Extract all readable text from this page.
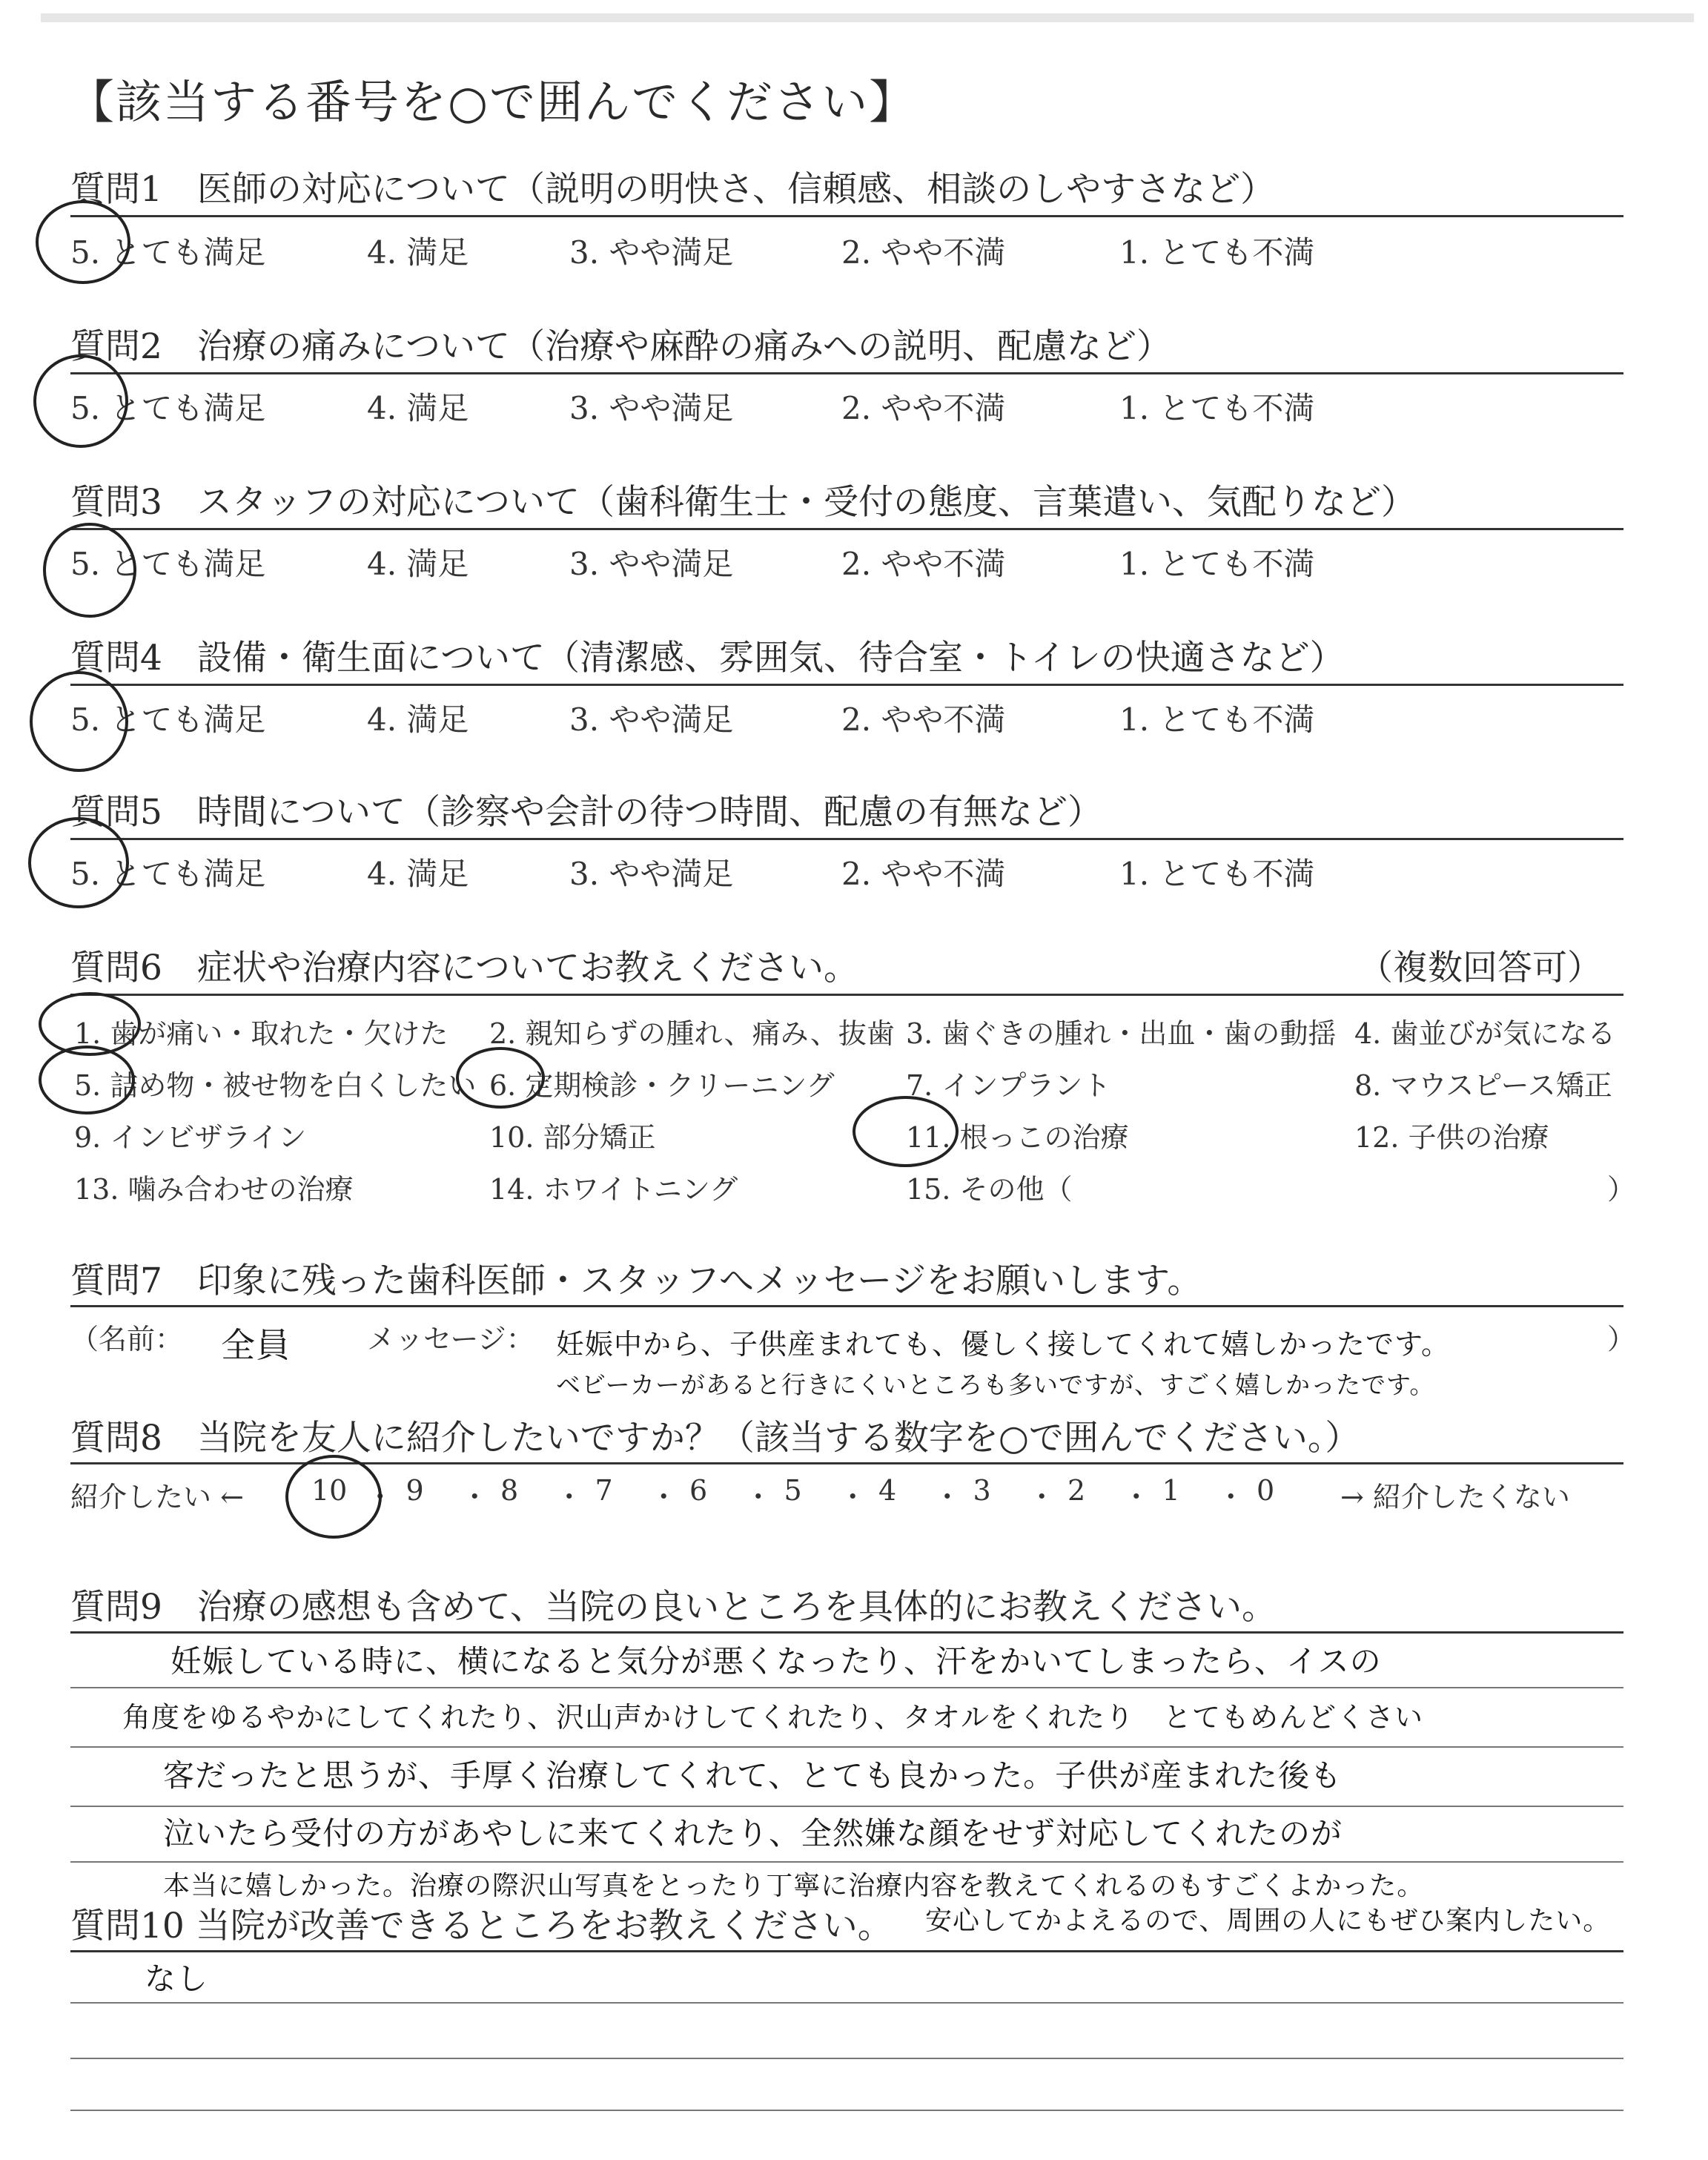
【該当する番号を○で囲んでください】
質問1　医師の対応について（説明の明快さ、信頼感、相談のしやすさなど）
5. とても満足	4. 満足	3. やや満足	2. やや不満	1. とても不満
質問2　治療の痛みについて（治療や麻酔の痛みへの説明、配慮など）
5. とても満足	4. 満足	3. やや満足	2. やや不満	1. とても不満
質問3　スタッフの対応について（歯科衛生士・受付の態度、言葉遣い、気配りなど）
5. とても満足	4. 満足	3. やや満足	2. やや不満	1. とても不満
質問4　設備・衛生面について（清潔感、雰囲気、待合室・トイレの快適さなど）
5. とても満足	4. 満足	3. やや満足	2. やや不満	1. とても不満
質問5　時間について（診察や会計の待つ時間、配慮の有無など）
5. とても満足	4. 満足	3. やや満足	2. やや不満	1. とても不満
質問6　症状や治療内容についてお教えください。	（複数回答可）
1. 歯が痛い・取れた・欠けた 2. 親知らずの腫れ、痛み、抜歯 3. 歯ぐきの腫れ・出血・歯の動揺 4. 歯並びが気になる
5. 詰め物・被せ物を白くしたい 6. 定期検診・クリーニング	7. インプラント	8. マウスピース矯正
9. インビザライン	10. 部分矯正	11. 根っこの治療	12. 子供の治療
13. 噛み合わせの治療	14. ホワイトニング	15. その他（	）
質問7　印象に残った歯科医師・スタッフへメッセージをお願いします。
（名前： 全員	メッセージ： 妊娠中から、子供産まれても、優しく接してくれて嬉しかったです。
ベビーカーがあると行きにくいところも多いですが、すごく嬉しかったです。
）
質問8　当院を友人に紹介したいですか？（該当する数字を○で囲んでください。）
紹介したい ←	→ 紹介したくない
10 ・ 9 ・ 8 ・ 7 ・ 6 ・ 5 ・ 4 ・ 3 ・ 2 ・ 1 ・ 0
質問9　治療の感想も含めて、当院の良いところを具体的にお教えください。
妊娠している時に、横になると気分が悪くなったり、汗をかいてしまったら、イスの
角度をゆるやかにしてくれたり、沢山声かけしてくれたり、タオルをくれたり　とてもめんどくさい
客だったと思うが、手厚く治療してくれて、とても良かった。子供が産まれた後も
泣いたら受付の方があやしに来てくれたり、全然嫌な顔をせず対応してくれたのが
本当に嬉しかった。治療の際沢山写真をとったり丁寧に治療内容を教えてくれるのもすごくよかった。
質問10 当院が改善できるところをお教えください。 安心してかよえるので、周囲の人にもぜひ案内したい。
なし
